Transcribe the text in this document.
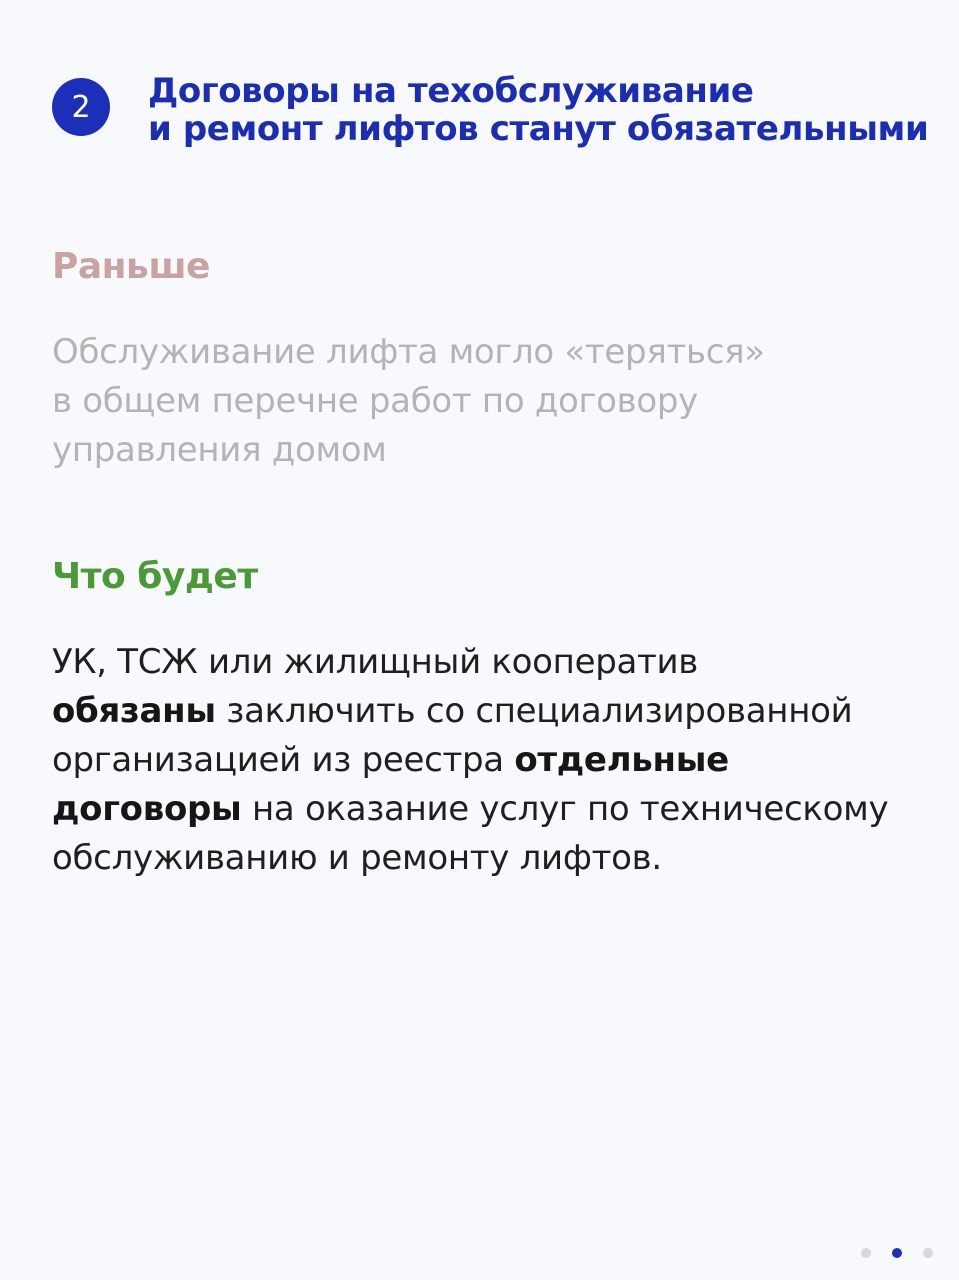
2	Договоры на техобслуживание
и ремонт лифтов станут обязательными
Раньше
Обслуживание лифта могло «теряться»
в общем перечне работ по договору
управления домом
Что будет
УК, ТСЖ или жилищный кооператив
обязаны заключить со специализированной
организацией из реестра отдельные
договоры на оказание услуг по техническому
обслуживанию и ремонту лифтов.
